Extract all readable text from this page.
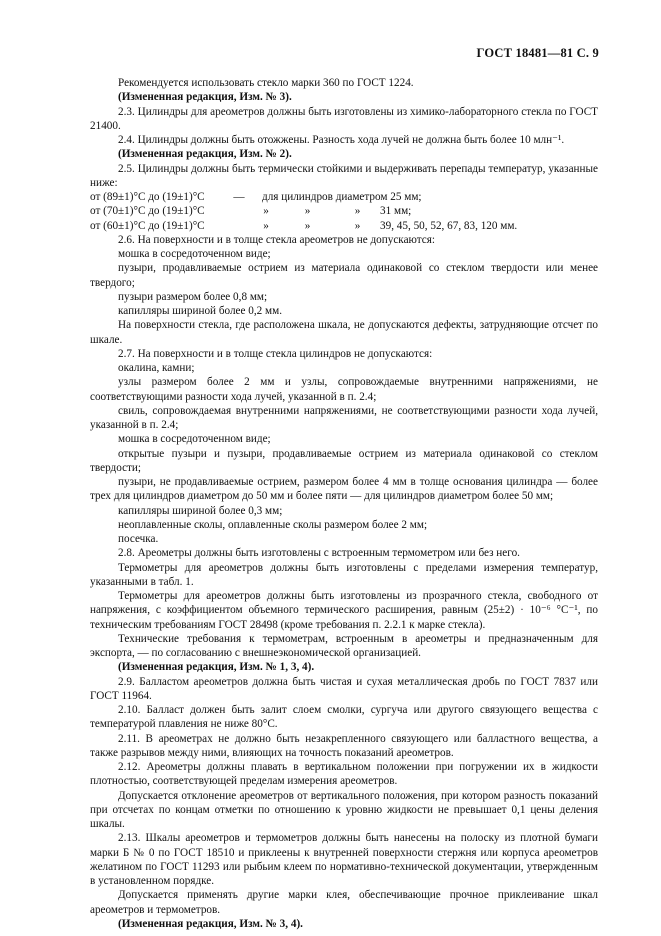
ГОСТ 18481—81 С. 9

Рекомендуется использовать стекло марки 360 по ГОСТ 1224.

(Измененная редакция, Изм. № 3).

2.3. Цилиндры для ареометров должны быть изготовлены из химико-лабораторного стекла по ГОСТ 21400.

2.4. Цилиндры должны быть отожжены. Разность хода лучей не должна быть более 10 млн⁻¹.

(Измененная редакция, Изм. № 2).

2.5. Цилиндры должны быть термически стойкими и выдерживать перепады температур, указанные ниже:

от (89±1)°С до (19±1)°С	—	для цилиндров диаметром 25 мм;
от (70±1)°С до (19±1)°С	»	»	»	31 мм;
от (60±1)°С до (19±1)°С	»	»	»	39, 45, 50, 52, 67, 83, 120 мм.

2.6. На поверхности и в толще стекла ареометров не допускаются:

мошка в сосредоточенном виде;

пузыри, продавливаемые острием из материала одинаковой со стеклом твердости или менее твердого;

пузыри размером более 0,8 мм;

капилляры шириной более 0,2 мм.

На поверхности стекла, где расположена шкала, не допускаются дефекты, затрудняющие отсчет по шкале.

2.7. На поверхности и в толще стекла цилиндров не допускаются:

окалина, камни;

узлы размером более 2 мм и узлы, сопровождаемые внутренними напряжениями, не соответствующими разности хода лучей, указанной в п. 2.4;

свиль, сопровождаемая внутренними напряжениями, не соответствующими разности хода лучей, указанной в п. 2.4;

мошка в сосредоточенном виде;

открытые пузыри и пузыри, продавливаемые острием из материала одинаковой со стеклом твердости;

пузыри, не продавливаемые острием, размером более 4 мм в толще основания цилиндра — более трех для цилиндров диаметром до 50 мм и более пяти — для цилиндров диаметром более 50 мм;

капилляры шириной более 0,3 мм;

неоплавленные сколы, оплавленные сколы размером более 2 мм;

посечка.

2.8. Ареометры должны быть изготовлены с встроенным термометром или без него.

Термометры для ареометров должны быть изготовлены с пределами измерения температур, указанными в табл. 1.

Термометры для ареометров должны быть изготовлены из прозрачного стекла, свободного от напряжения, с коэффициентом объемного термического расширения, равным (25±2) · 10⁻⁶ °С⁻¹, по техническим требованиям ГОСТ 28498 (кроме требования п. 2.2.1 к марке стекла).

Технические требования к термометрам, встроенным в ареометры и предназначенным для экспорта, — по согласованию с внешнеэкономической организацией.

(Измененная редакция, Изм. № 1, 3, 4).

2.9. Балластом ареометров должна быть чистая и сухая металлическая дробь по ГОСТ 7837 или ГОСТ 11964.

2.10. Балласт должен быть залит слоем смолки, сургуча или другого связующего вещества с температурой плавления не ниже 80°С.

2.11. В ареометрах не должно быть незакрепленного связующего или балластного вещества, а также разрывов между ними, влияющих на точность показаний ареометров.

2.12. Ареометры должны плавать в вертикальном положении при погружении их в жидкости плотностью, соответствующей пределам измерения ареометров.

Допускается отклонение ареометров от вертикального положения, при котором разность показаний при отсчетах по концам отметки по отношению к уровню жидкости не превышает 0,1 цены деления шкалы.

2.13. Шкалы ареометров и термометров должны быть нанесены на полоску из плотной бумаги марки Б № 0 по ГОСТ 18510 и приклеены к внутренней поверхности стержня или корпуса ареометров желатином по ГОСТ 11293 или рыбьим клеем по нормативно-технической документации, утвержденным в установленном порядке.

Допускается применять другие марки клея, обеспечивающие прочное приклеивание шкал ареометров и термометров.

(Измененная редакция, Изм. № 3, 4).
